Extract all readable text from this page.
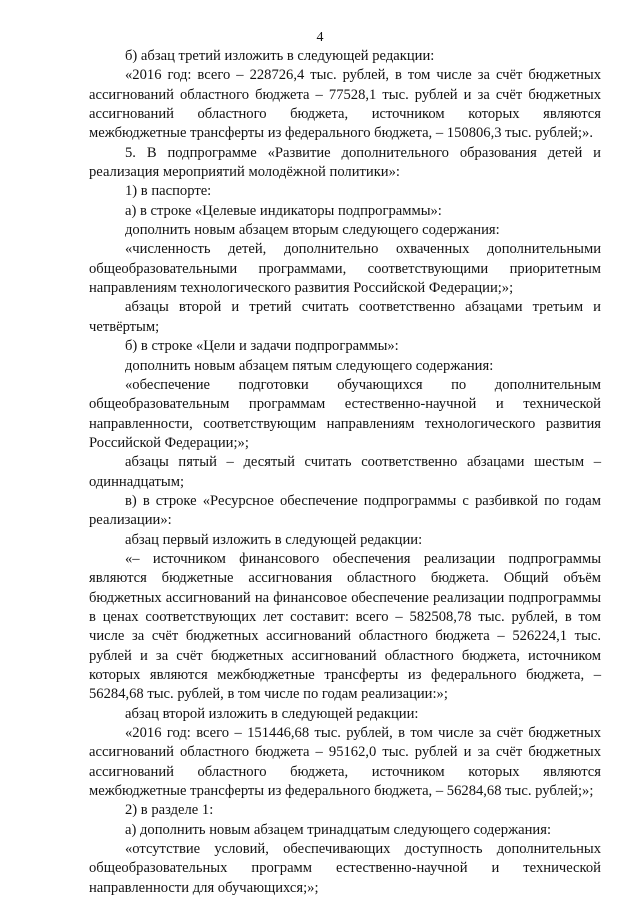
4

б) абзац третий изложить в следующей редакции:

«2016 год: всего – 228726,4 тыс. рублей, в том числе за счёт бюджетных ассигнований областного бюджета – 77528,1 тыс. рублей и за счёт бюджетных ассигнований областного бюджета, источником которых являются межбюджетные трансферты из федерального бюджета, – 150806,3 тыс. рублей;».

5. В подпрограмме «Развитие дополнительного образования детей и реализация мероприятий молодёжной политики»:

1) в паспорте:

а) в строке «Целевые индикаторы подпрограммы»:

дополнить новым абзацем вторым следующего содержания:

«численность детей, дополнительно охваченных дополнительными общеобразовательными программами, соответствующими приоритетным направлениям технологического развития Российской Федерации;»;

абзацы второй и третий считать соответственно абзацами третьим и четвёртым;

б) в строке «Цели и задачи подпрограммы»:

дополнить новым абзацем пятым следующего содержания:

«обеспечение подготовки обучающихся по дополнительным общеобразовательным программам естественно-научной и технической направленности, соответствующим направлениям технологического развития Российской Федерации;»;

абзацы пятый – десятый считать соответственно абзацами шестым – одиннадцатым;

в) в строке «Ресурсное обеспечение подпрограммы с разбивкой по годам реализации»:

абзац первый изложить в следующей редакции:

«– источником финансового обеспечения реализации подпрограммы являются бюджетные ассигнования областного бюджета. Общий объём бюджетных ассигнований на финансовое обеспечение реализации подпрограммы в ценах соответствующих лет составит: всего – 582508,78 тыс. рублей, в том числе за счёт бюджетных ассигнований областного бюджета – 526224,1 тыс. рублей и за счёт бюджетных ассигнований областного бюджета, источником которых являются межбюджетные трансферты из федерального бюджета, – 56284,68 тыс. рублей, в том числе по годам реализации:»;

абзац второй изложить в следующей редакции:

«2016 год: всего – 151446,68 тыс. рублей, в том числе за счёт бюджетных ассигнований областного бюджета – 95162,0 тыс. рублей и за счёт бюджетных ассигнований областного бюджета, источником которых являются межбюджетные трансферты из федерального бюджета, – 56284,68 тыс. рублей;»;

2) в разделе 1:

а) дополнить новым абзацем тринадцатым следующего содержания:

«отсутствие условий, обеспечивающих доступность дополнительных общеобразовательных программ естественно-научной и технической направленности для обучающихся;»;
